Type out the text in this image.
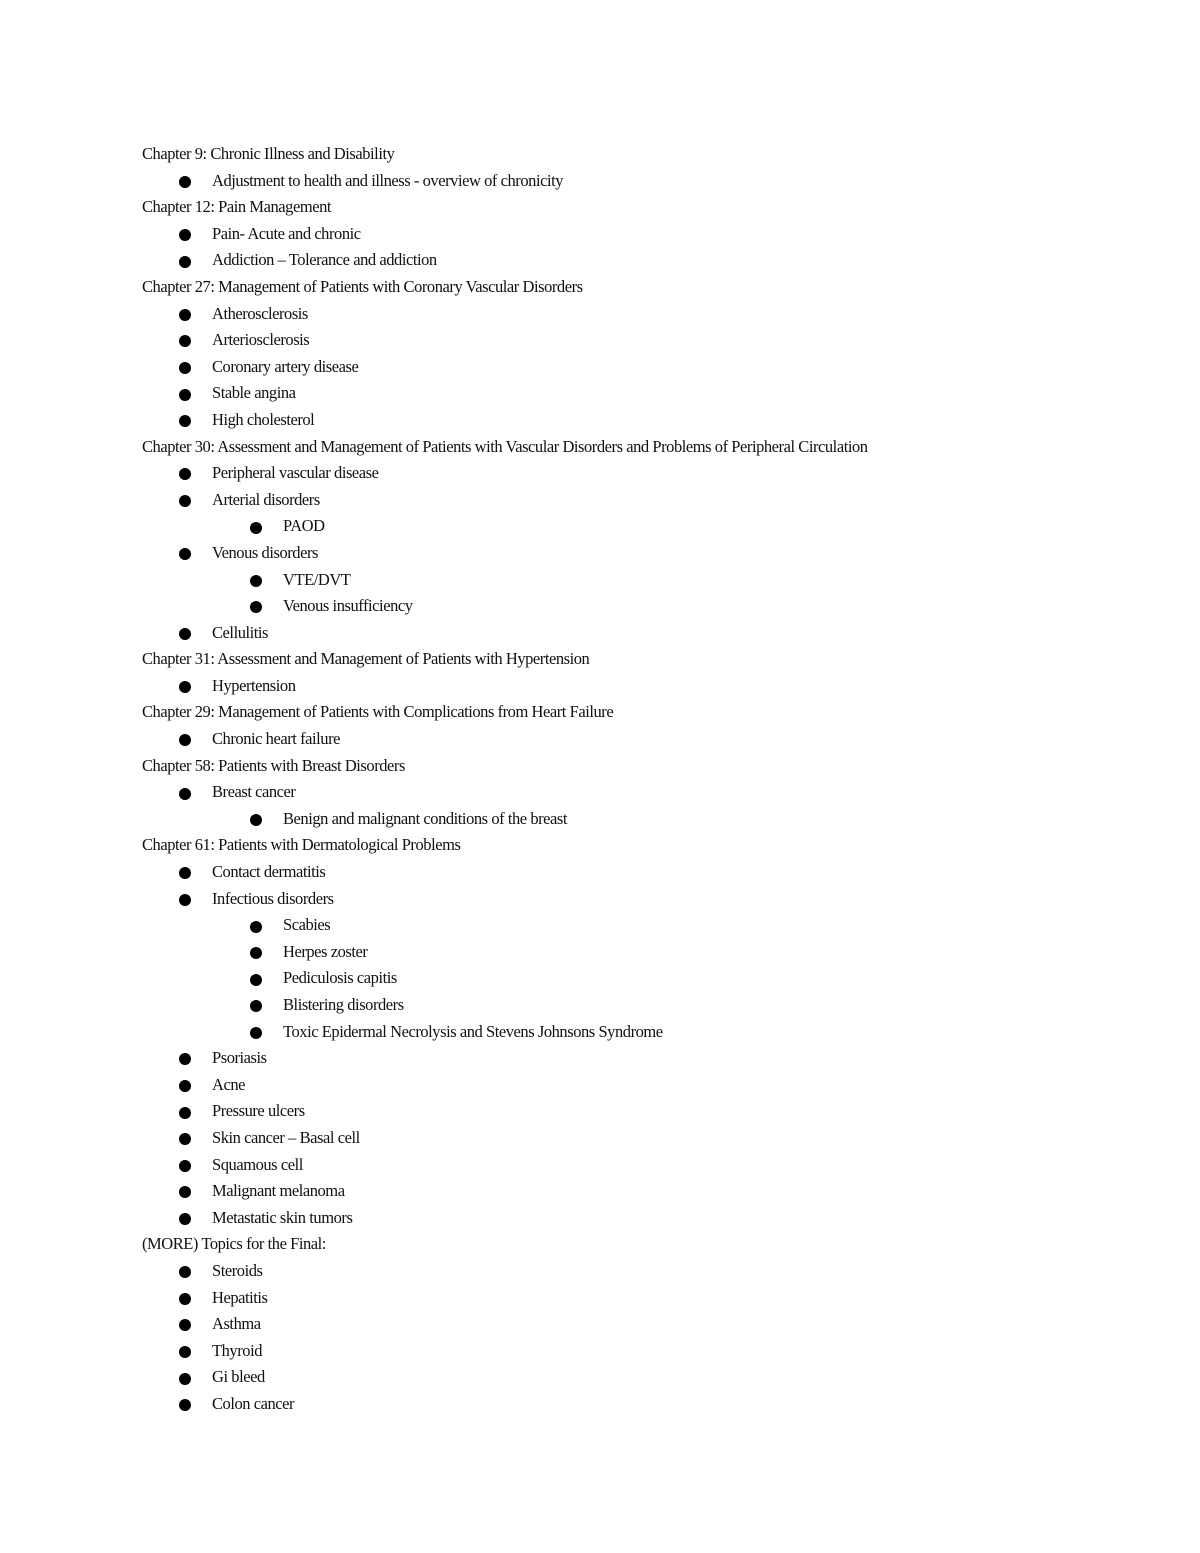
Chapter 9: Chronic Illness and Disability
Adjustment to health and illness - overview of chronicity
Chapter 12: Pain Management
Pain- Acute and chronic
Addiction – Tolerance and addiction
Chapter 27: Management of Patients with Coronary Vascular Disorders
Atherosclerosis
Arteriosclerosis
Coronary artery disease
Stable angina
High cholesterol
Chapter 30: Assessment and Management of Patients with Vascular Disorders and Problems of Peripheral Circulation
Peripheral vascular disease
Arterial disorders
PAOD
Venous disorders
VTE/DVT
Venous insufficiency
Cellulitis
Chapter 31: Assessment and Management of Patients with Hypertension
Hypertension
Chapter 29: Management of Patients with Complications from Heart Failure
Chronic heart failure
Chapter 58: Patients with Breast Disorders
Breast cancer
Benign and malignant conditions of the breast
Chapter 61: Patients with Dermatological Problems
Contact dermatitis
Infectious disorders
Scabies
Herpes zoster
Pediculosis capitis
Blistering disorders
Toxic Epidermal Necrolysis and Stevens Johnsons Syndrome
Psoriasis
Acne
Pressure ulcers
Skin cancer – Basal cell
Squamous cell
Malignant melanoma
Metastatic skin tumors
(MORE) Topics for the Final:
Steroids
Hepatitis
Asthma
Thyroid
Gi bleed
Colon cancer
